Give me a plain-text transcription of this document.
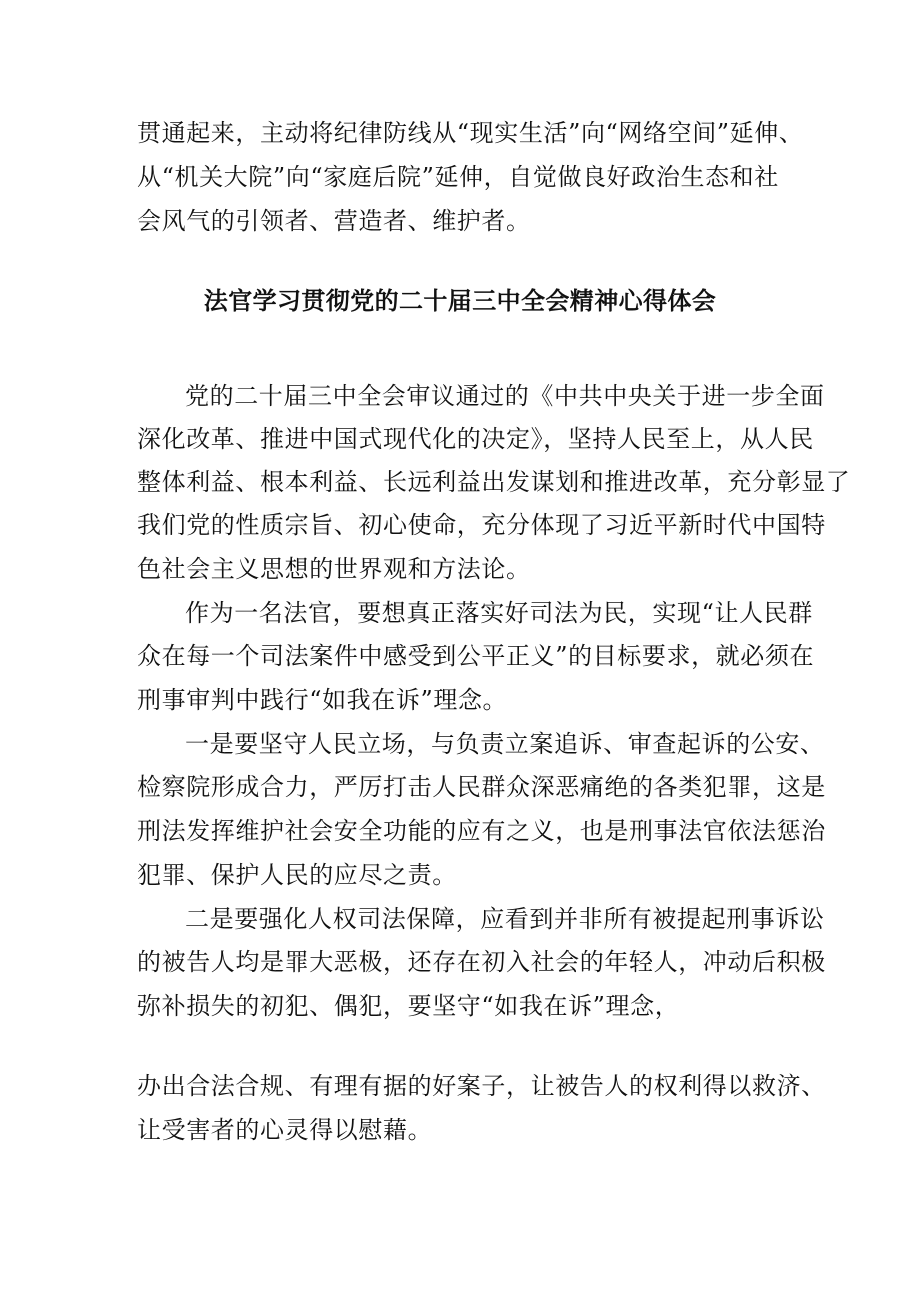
贯通起来，主动将纪律防线从“现实生活”向“网络空间”延伸、
从“机关大院”向“家庭后院”延伸，自觉做良好政治生态和社
会风气的引领者、营造者、维护者。
法官学习贯彻党的二十届三中全会精神心得体会
党的二十届三中全会审议通过的《中共中央关于进一步全面
深化改革、推进中国式现代化的决定》，坚持人民至上，从人民
整体利益、根本利益、长远利益出发谋划和推进改革，充分彰显了
我们党的性质宗旨、初心使命，充分体现了习近平新时代中国特
色社会主义思想的世界观和方法论。
作为一名法官，要想真正落实好司法为民，实现“让人民群
众在每一个司法案件中感受到公平正义”的目标要求，就必须在
刑事审判中践行“如我在诉”理念。
一是要坚守人民立场，与负责立案追诉、审查起诉的公安、
检察院形成合力，严厉打击人民群众深恶痛绝的各类犯罪，这是
刑法发挥维护社会安全功能的应有之义，也是刑事法官依法惩治
犯罪、保护人民的应尽之责。
二是要强化人权司法保障，应看到并非所有被提起刑事诉讼
的被告人均是罪大恶极，还存在初入社会的年轻人，冲动后积极
弥补损失的初犯、偶犯，要坚守“如我在诉”理念，
办出合法合规、有理有据的好案子，让被告人的权利得以救济、
让受害者的心灵得以慰藉。
